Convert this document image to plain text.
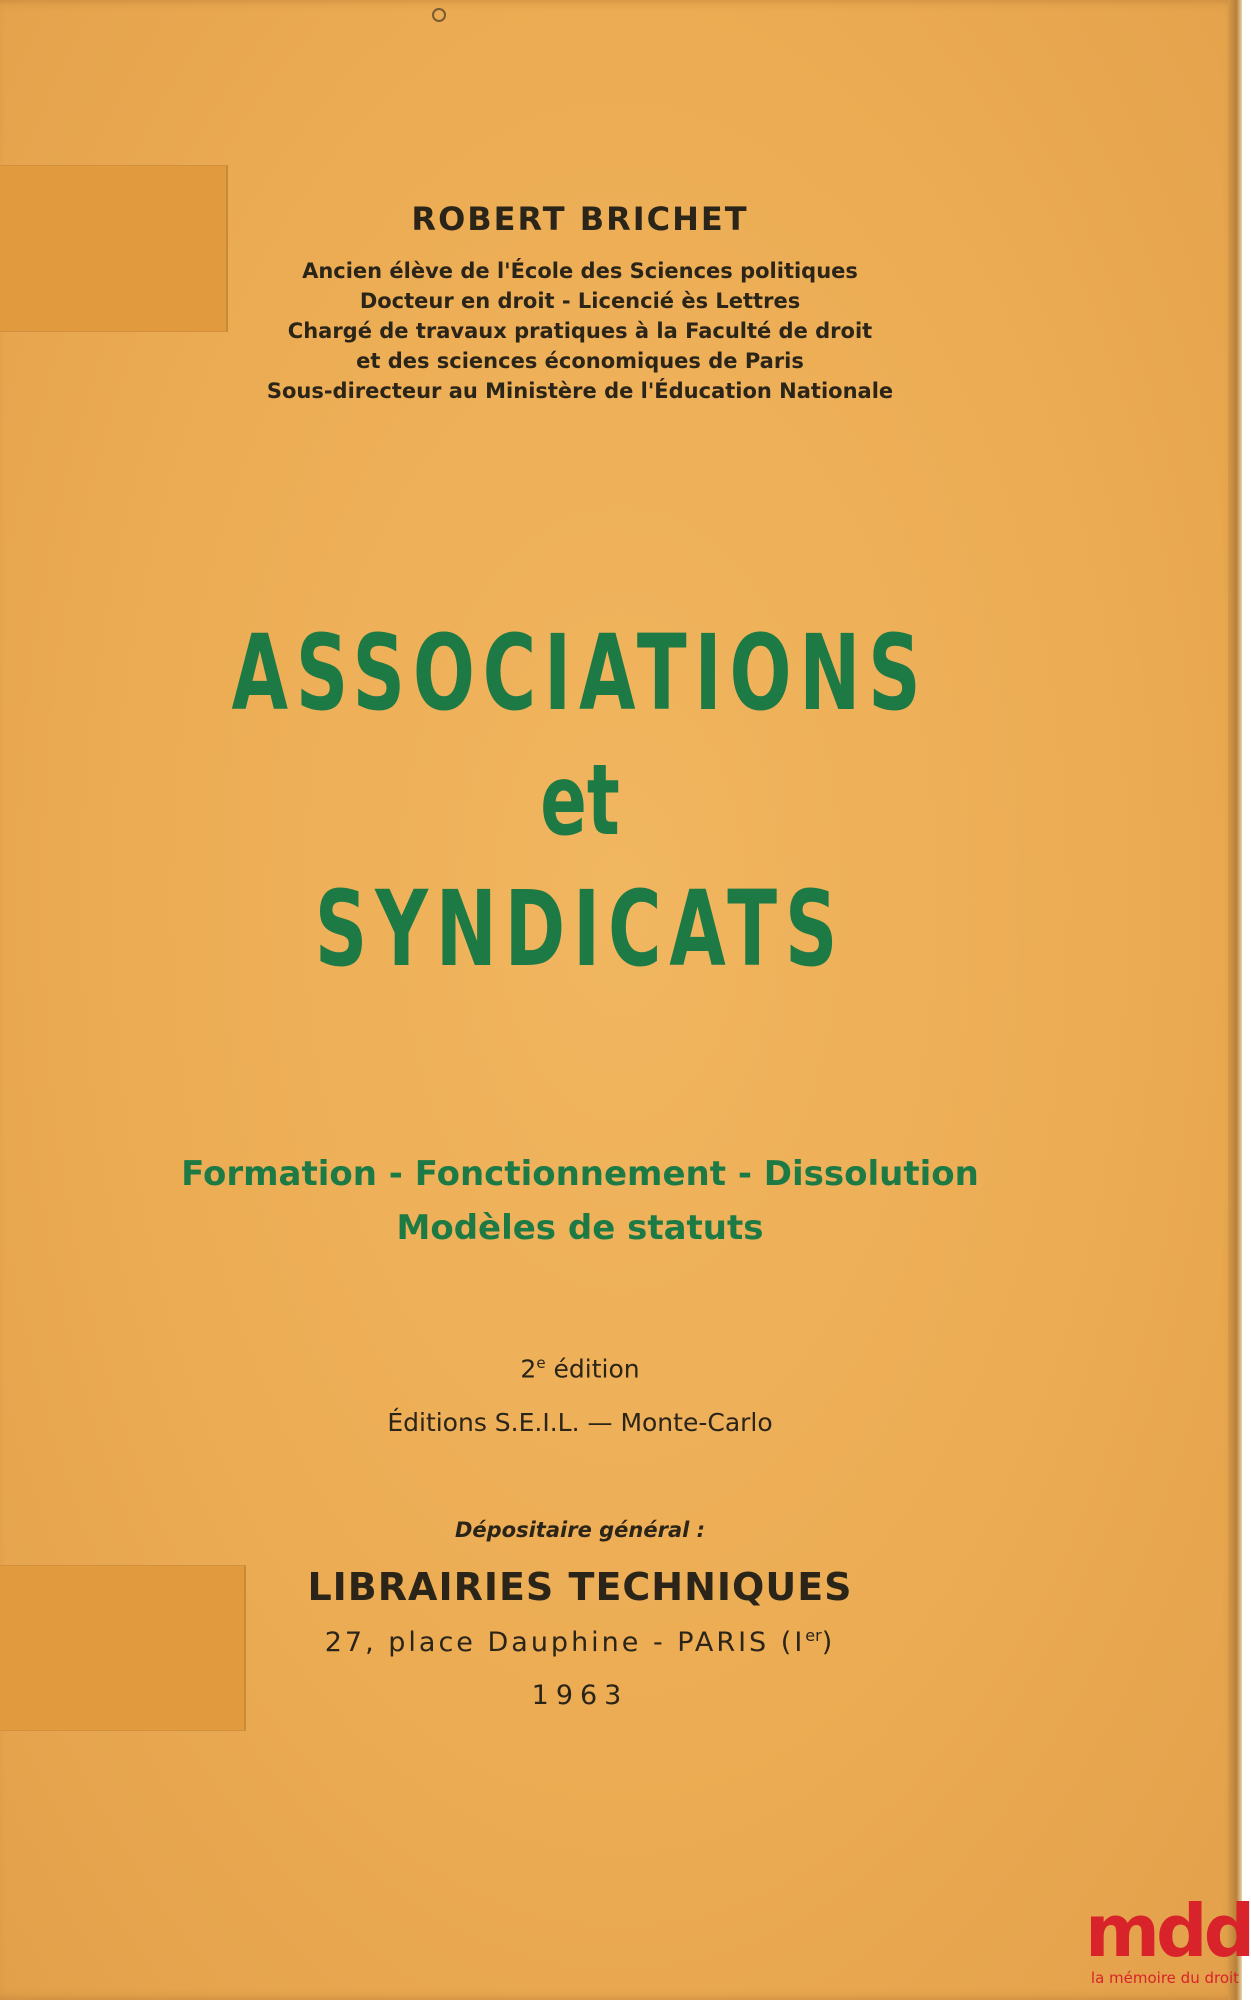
ROBERT BRICHET
Ancien élève de l'École des Sciences politiques
Docteur en droit - Licencié ès Lettres
Chargé de travaux pratiques à la Faculté de droit
et des sciences économiques de Paris
Sous-directeur au Ministère de l'Éducation Nationale
ASSOCIATIONS
et
SYNDICATS
Formation - Fonctionnement - Dissolution
Modèles de statuts
2e édition
Éditions S.E.I.L. — Monte-Carlo
Dépositaire général :
LIBRAIRIES TECHNIQUES
27, place Dauphine - PARIS (Ier)
1963
mdd
la mémoire du droit
